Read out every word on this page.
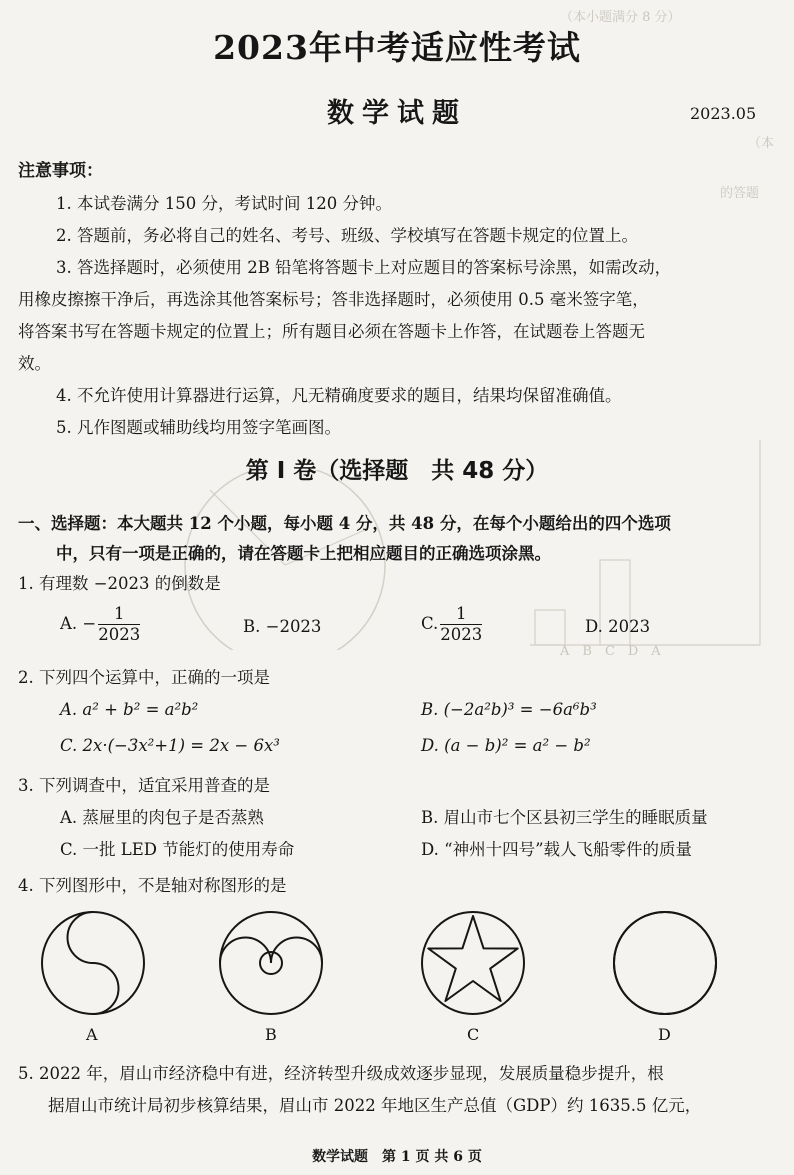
（本小题满分 8 分）
（本
的答题
A　B　C　D　A
2023年中考适应性考试
数学试题	2023.05
注意事项：
1. 本试卷满分 150 分，考试时间 120 分钟。
2. 答题前，务必将自己的姓名、考号、班级、学校填写在答题卡规定的位置上。
3. 答选择题时，必须使用 2B 铅笔将答题卡上对应题目的答案标号涂黑，如需改动，
用橡皮擦擦干净后，再选涂其他答案标号；答非选择题时，必须使用 0.5 毫米签字笔，
将答案书写在答题卡规定的位置上；所有题目必须在答题卡上作答，在试题卷上答题无
效。
4. 不允许使用计算器进行运算，凡无精确度要求的题目，结果均保留准确值。
5. 凡作图题或辅助线均用签字笔画图。
第 I 卷（选择题　共 48 分）
一、选择题：本大题共 12 个小题，每小题 4 分，共 48 分，在每个小题给出的四个选项
中，只有一项是正确的，请在答题卡上把相应题目的正确选项涂黑。
1. 有理数 −2023 的倒数是
A. − $\frac{1}{2023}$	B. −2023	C. $\frac{1}{2023}$	D. 2023
2. 下列四个运算中，正确的一项是
A. a² + b² = a²b²	B. (−2a²b)³ = −6a⁶b³
C. 2x·(−3x²+1) = 2x − 6x³	D. (a − b)² = a² − b²
3. 下列调查中，适宜采用普查的是
A. 蒸屉里的肉包子是否蒸熟	B. 眉山市七个区县初三学生的睡眠质量
C. 一批 LED 节能灯的使用寿命	D. “神州十四号”载人飞船零件的质量
4. 下列图形中，不是轴对称图形的是
A	B	C	D
5. 2022 年，眉山市经济稳中有进，经济转型升级成效逐步显现，发展质量稳步提升，根
据眉山市统计局初步核算结果，眉山市 2022 年地区生产总值（GDP）约 1635.5 亿元，
数学试题　第 1 页 共 6 页
